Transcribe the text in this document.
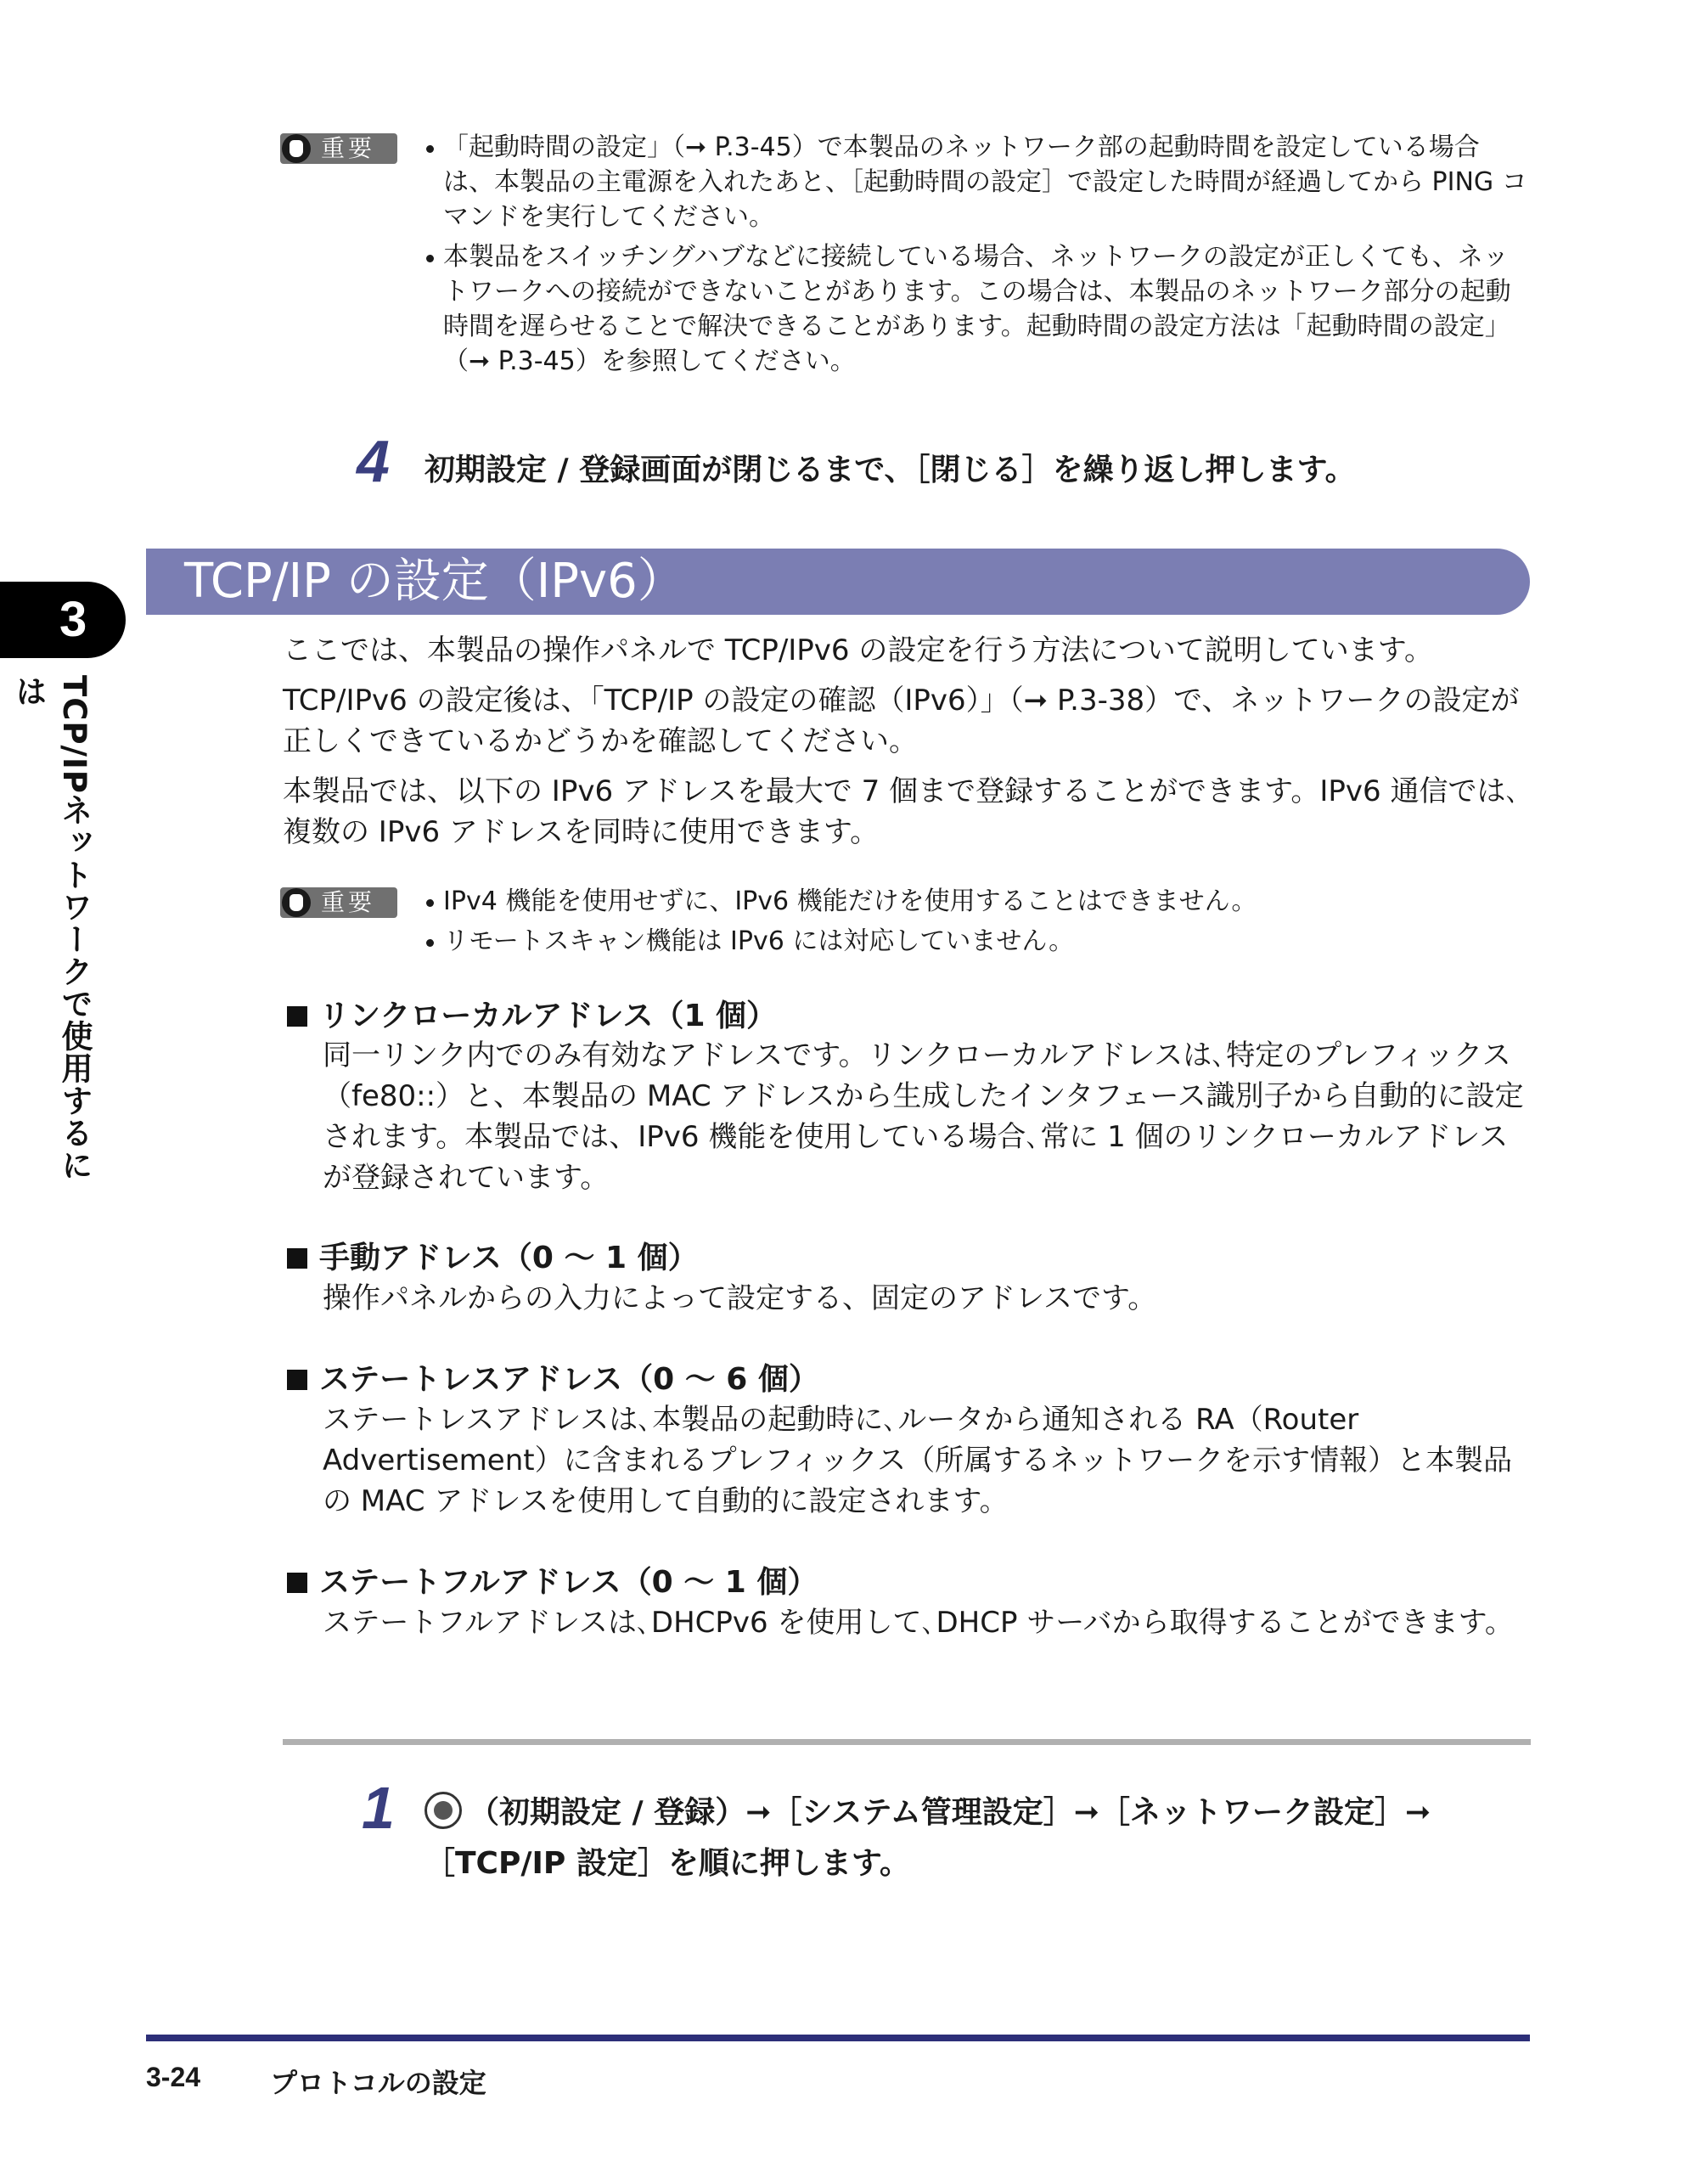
重要	「起動時間の設定」（➞ P.3-45）で本製品のネットワーク部の起動時間を設定している場合は、本製品の主電源を入れたあと、［起動時間の設定］で設定した時間が経過してから PING コマンドを実行してください。
本製品をスイッチングハブなどに接続している場合、ネットワークの設定が正しくても、ネットワークへの接続ができないことがあります。この場合は、本製品のネットワーク部分の起動時間を遅らせることで解決できることがあります。起動時間の設定方法は「起動時間の設定」（➞ P.3-45）を参照してください。
4 初期設定 / 登録画面が閉じるまで、［閉じる］を繰り返し押します。
3
TCP/IPネットワークで使用するには
TCP/IP の設定（IPv6）
ここでは、本製品の操作パネルで TCP/IPv6 の設定を行う方法について説明しています。
TCP/IPv6 の設定後は、「TCP/IP の設定の確認（IPv6）」（➞ P.3-38）で、ネットワークの設定が正しくできているかどうかを確認してください。
本製品では、以下の IPv6 アドレスを最大で 7 個まで登録することができます。IPv6 通信では､複数の IPv6 アドレスを同時に使用できます。
重要	IPv4 機能を使用せずに、IPv6 機能だけを使用することはできません。
リモートスキャン機能は IPv6 には対応していません。
リンクローカルアドレス（1 個）
同一リンク内でのみ有効なアドレスです。リンクローカルアドレスは､特定のプレフィックス（fe80::）と、本製品の MAC アドレスから生成したインタフェース識別子から自動的に設定されます。本製品では、IPv6 機能を使用している場合､常に 1 個のリンクローカルアドレスが登録されています。
手動アドレス（0 〜 1 個）
操作パネルからの入力によって設定する、固定のアドレスです。
ステートレスアドレス（0 〜 6 個）
ステートレスアドレスは､本製品の起動時に､ルータから通知される RA（Router Advertisement）に含まれるプレフィックス（所属するネットワークを示す情報）と本製品の MAC アドレスを使用して自動的に設定されます。
ステートフルアドレス（0 〜 1 個）
ステートフルアドレスは､DHCPv6 を使用して､DHCP サーバから取得することができます。
1	（初期設定 / 登録）➞［システム管理設定］➞［ネットワーク設定］➞
［TCP/IP 設定］を順に押します。
3-24	プロトコルの設定
